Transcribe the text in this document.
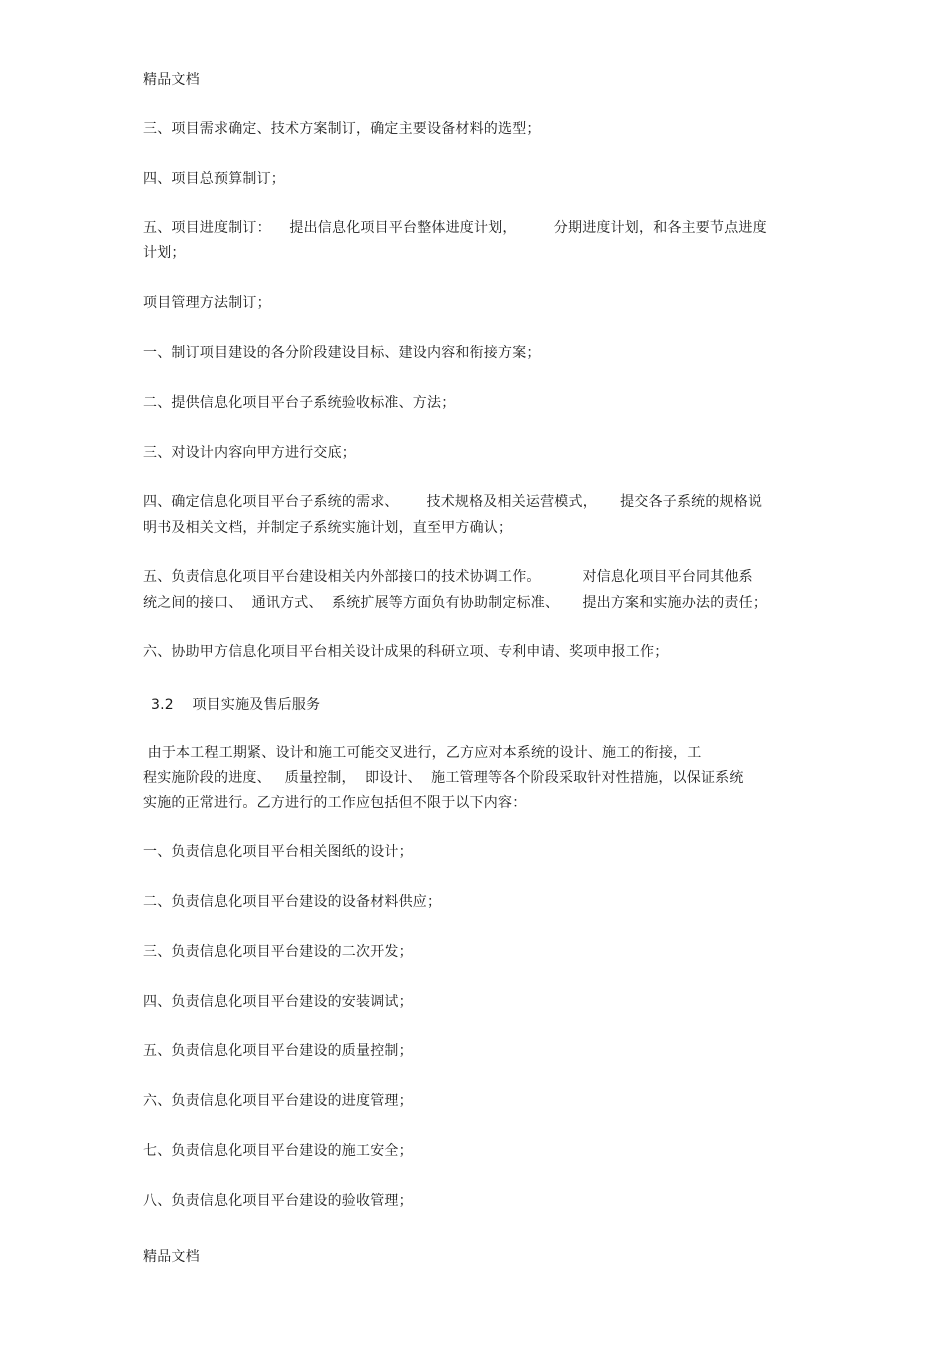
精品文档
三、项目需求确定、技术方案制订，确定主要设备材料的选型；
四、项目总预算制订；
五、项目进度制订：    提出信息化项目平台整体进度计划，        分期进度计划，和各主要节点进度
计划；
项目管理方法制订；
一、制订项目建设的各分阶段建设目标、建设内容和衔接方案；
二、提供信息化项目平台子系统验收标准、方法；
三、对设计内容向甲方进行交底；
四、确定信息化项目平台子系统的需求、      技术规格及相关运营模式，     提交各子系统的规格说
明书及相关文档，并制定子系统实施计划，直至甲方确认；
五、负责信息化项目平台建设相关内外部接口的技术协调工作。         对信息化项目平台同其他系
统之间的接口、  通讯方式、  系统扩展等方面负有协助制定标准、     提出方案和实施办法的责任；
六、协助甲方信息化项目平台相关设计成果的科研立项、专利申请、奖项申报工作；
3.2    项目实施及售后服务
由于本工程工期紧、设计和施工可能交叉进行，乙方应对本系统的设计、施工的衔接，工
程实施阶段的进度、   质量控制，  即设计、  施工管理等各个阶段采取针对性措施，以保证系统
实施的正常进行。乙方进行的工作应包括但不限于以下内容：
一、负责信息化项目平台相关图纸的设计；
二、负责信息化项目平台建设的设备材料供应；
三、负责信息化项目平台建设的二次开发；
四、负责信息化项目平台建设的安装调试；
五、负责信息化项目平台建设的质量控制；
六、负责信息化项目平台建设的进度管理；
七、负责信息化项目平台建设的施工安全；
八、负责信息化项目平台建设的验收管理；
精品文档
